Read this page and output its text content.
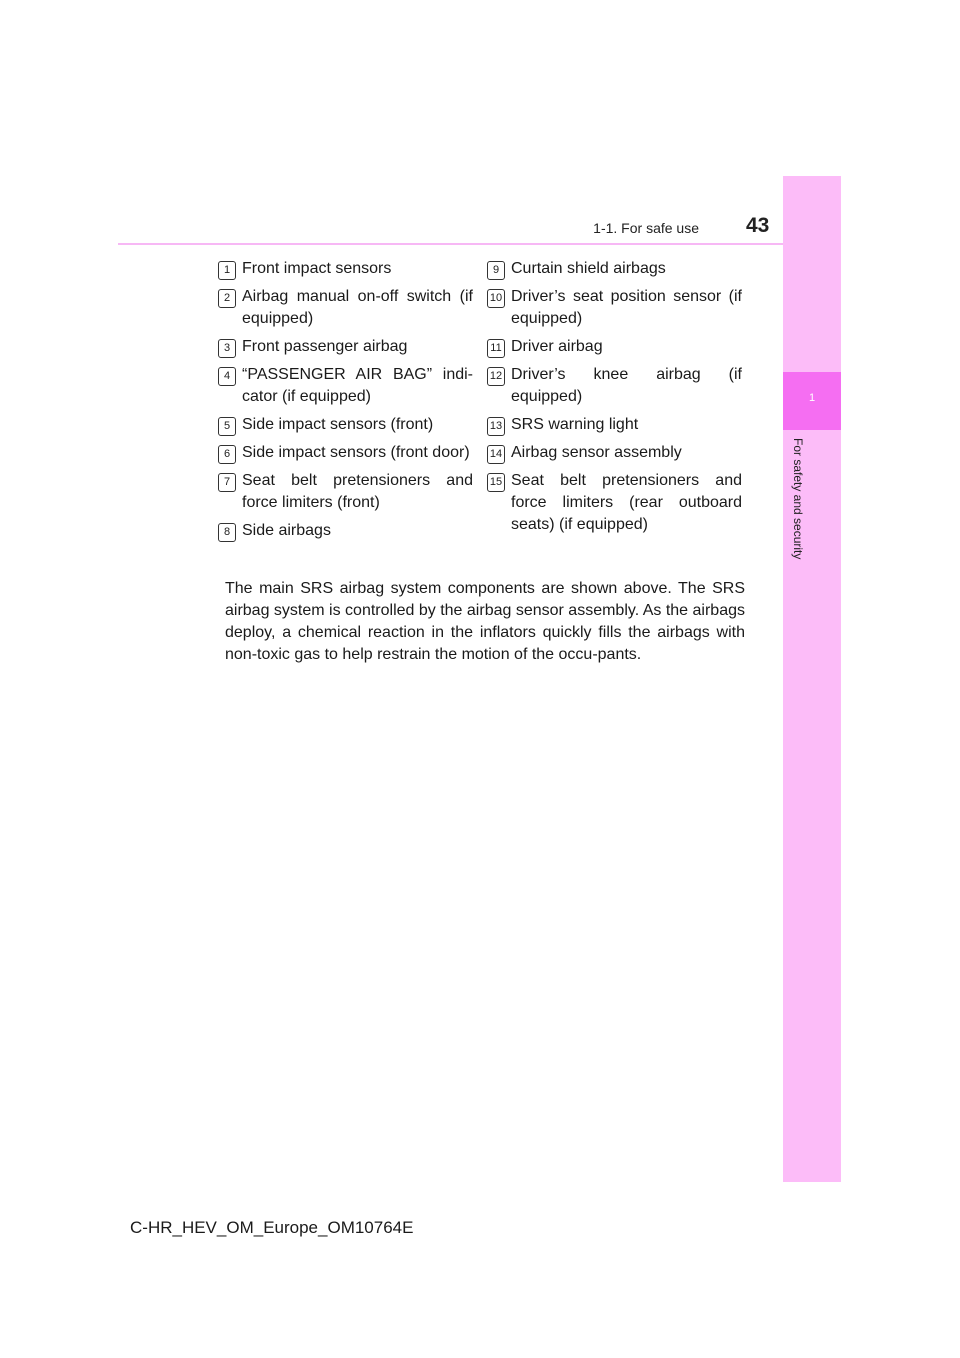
1-1. For safe use 43
1
For safety and security
1 Front impact sensors
2 Airbag manual on-off switch (if equipped)
3 Front passenger airbag
4 “PASSENGER AIR BAG” indi-cator (if equipped)
5 Side impact sensors (front)
6 Side impact sensors (front door)
7 Seat belt pretensioners and force limiters (front)
8 Side airbags
9 Curtain shield airbags
10 Driver’s seat position sensor (if equipped)
11 Driver airbag
12 Driver’s knee airbag (if equipped)
13 SRS warning light
14 Airbag sensor assembly
15 Seat belt pretensioners and force limiters (rear outboard seats) (if equipped)

The main SRS airbag system components are shown above. The SRS airbag system is controlled by the airbag sensor assembly. As the airbags deploy, a chemical reaction in the inflators quickly fills the airbags with non-toxic gas to help restrain the motion of the occu-pants.

C-HR_HEV_OM_Europe_OM10764E
